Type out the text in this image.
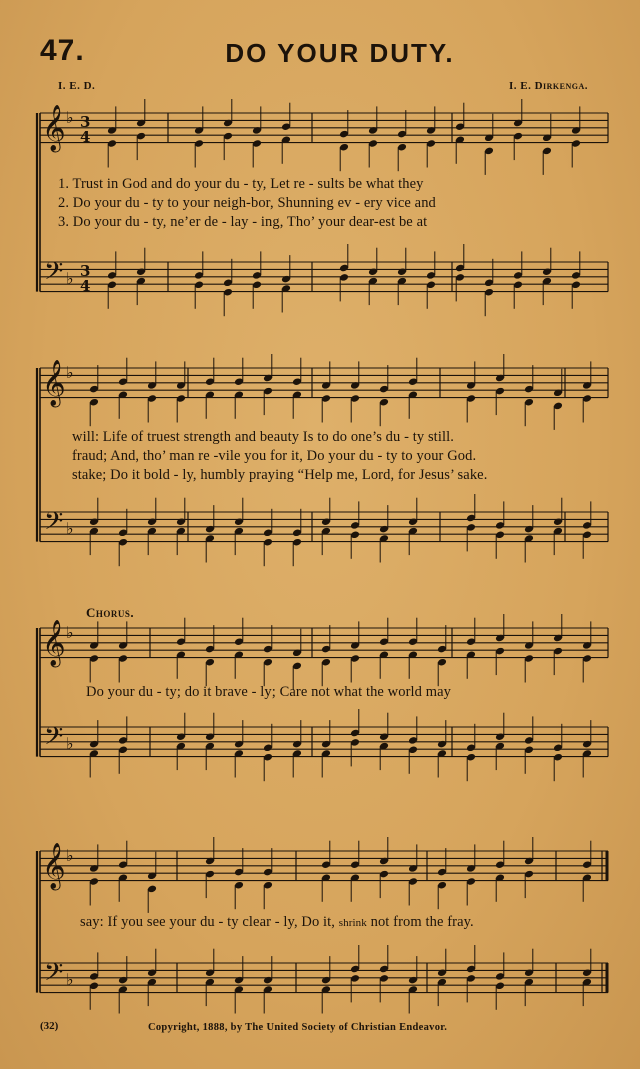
47.	DO YOUR DUTY.
I. E. D.	I. E. Dirkenga.
𝄞
𝄢
♭
♭
3
4
3
4
𝄞
𝄢
♭
♭
𝄞
𝄢
♭
♭
𝄞
𝄢
♭
♭
1. Trust in God and do your du - ty, Let re - sults be what they
2. Do your du - ty to your neigh-bor, Shunning ev - ery vice and
3. Do your du - ty, ne’er de - lay - ing, Tho’ your dear-est be at
will: Life of truest strength and beauty Is to do one’s du - ty still.
fraud; And, tho’ man re -vile you for it, Do your du - ty to your God.
stake; Do it bold - ly, humbly praying “Help me, Lord, for Jesus’ sake.
Chorus.
Do your du - ty; do it brave - ly; Care not what the world may
say: If you see your du - ty clear - ly, Do it, shrink not from the fray.
(32)	Copyright, 1888, by The United Society of Christian Endeavor.
